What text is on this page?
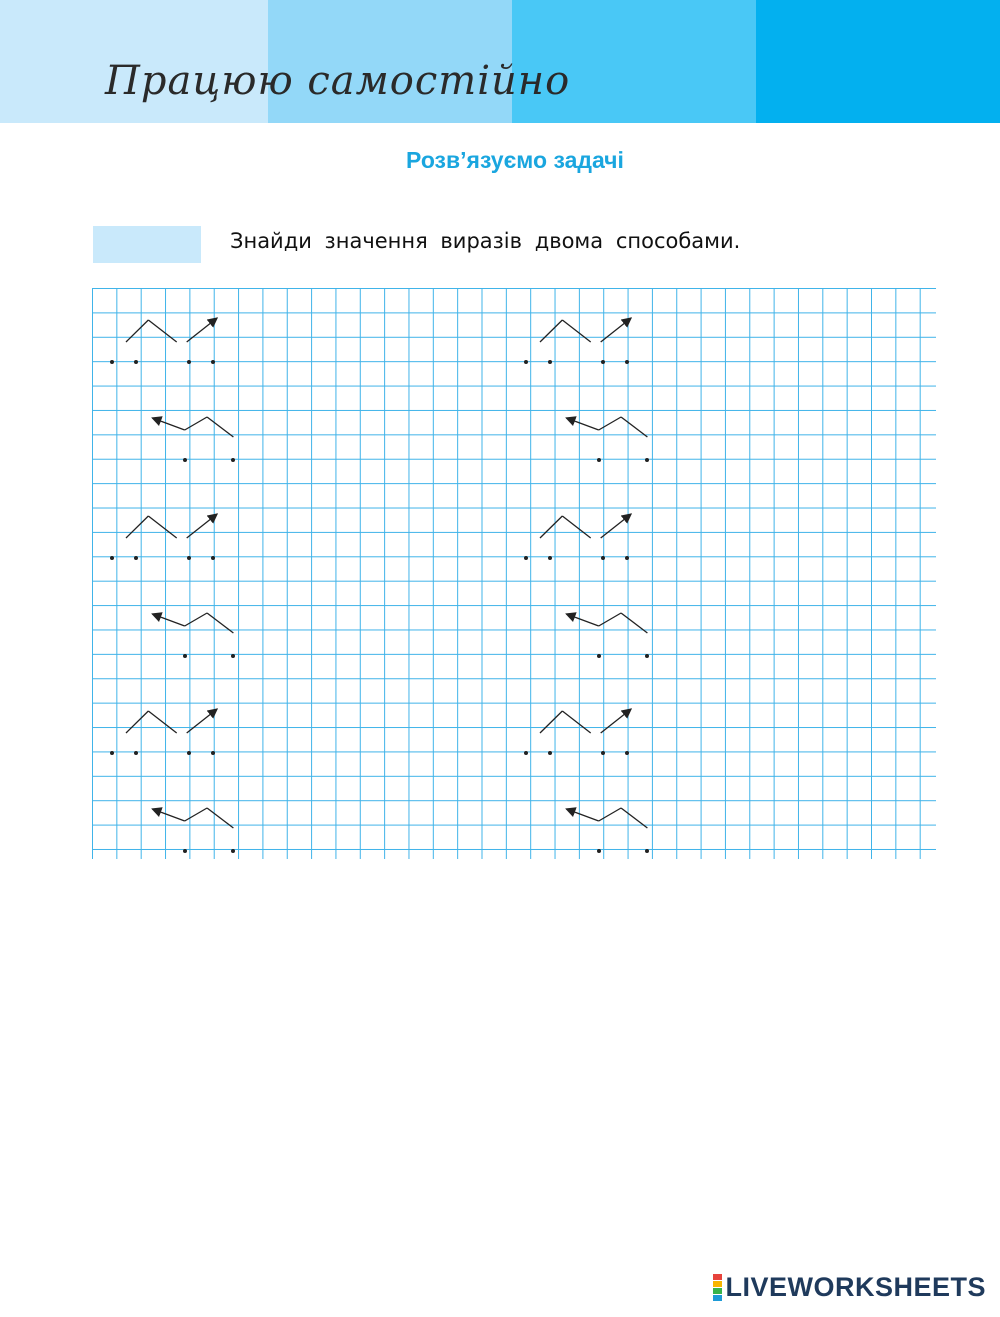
Працюю самостійно
Розв’язуємо задачі
Знайди значення виразів двома способами.
LIVEWORKSHEETS
